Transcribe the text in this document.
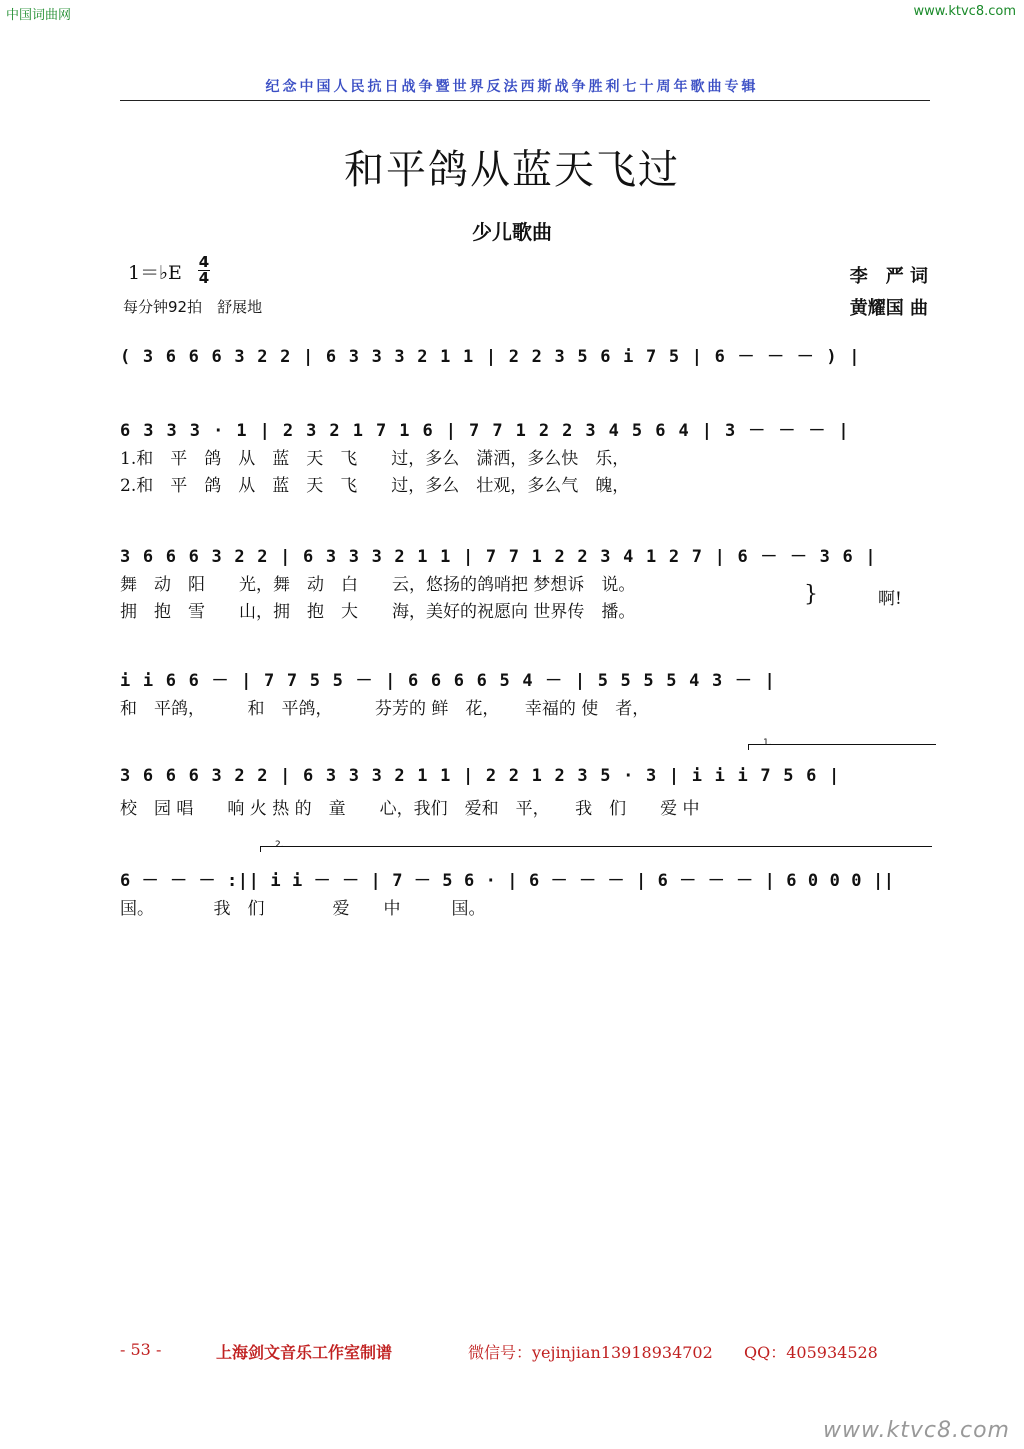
中国词曲网	www.ktvc8.com
纪念中国人民抗日战争暨世界反法西斯战争胜利七十周年歌曲专辑
和平鸽从蓝天飞过
少儿歌曲
1＝♭E 4
4
每分钟92拍　舒展地
李　严 词
黄耀国 曲
( 3 6 6 6 3 2 2 | 6 3 3 3 2 1 1 | 2 2 3 5 6 i 7 5 | 6 － － － ) |
6 3 3 3 · 1 | 2 3 2 1 7 1 6 | 7 7 1 2 2 3 4 5 6 4 | 3 － － － |
1.和　平　鸽　从　蓝　天　飞　　过，多么　潇洒，多么快　乐，
2.和　平　鸽　从　蓝　天　飞　　过，多么　壮观，多么气　魄，
3 6 6 6 3 2 2 | 6 3 3 3 2 1 1 | 7 7 1 2 2 3 4 1 2 7 | 6 － － 3 6 |
舞　动　阳　　光，舞　动　白　　云，悠扬的鸽哨把 梦想诉　说。
拥　抱　雪　　山，拥　抱　大　　海，美好的祝愿向 世界传　播。
}	啊!
i i 6 6 － | 7 7 5 5 － | 6 6 6 6 5 4 － | 5 5 5 5 4 3 － |
和　平鸽，　　　和　平鸽，　　　芬芳的 鲜　花，　　幸福的 使　者，
1.
3 6 6 6 3 2 2 | 6 3 3 3 2 1 1 | 2 2 1 2 3 5 · 3 | i i i 7 5 6 |
校　园 唱　　响 火 热 的　童　　心，我们　爱和　平，　　我　们　　爱 中
2.
6 － － － :|| i i － － | 7 － 5 6 · | 6 － － － | 6 － － － | 6 0 0 0 ||
国。　　　　我　们　　　　爱　　中　　　国。
- 53 -	上海剑文音乐工作室制谱	微信号：yejinjian13918934702 QQ：405934528
www.ktvc8.com
